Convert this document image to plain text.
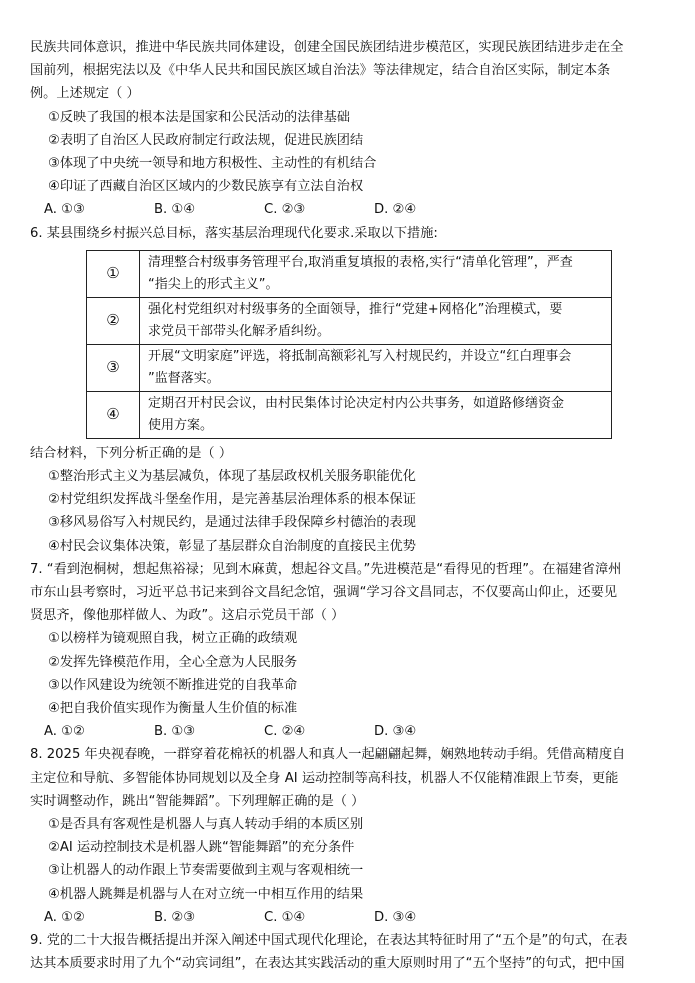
民族共同体意识，推进中华民族共同体建设，创建全国民族团结进步模范区，实现民族团结进步走在全
国前列，根据宪法以及《中华人民共和国民族区域自治法》等法律规定，结合自治区实际，制定本条
例。上述规定（ ）
①反映了我国的根本法是国家和公民活动的法律基础
②表明了自治区人民政府制定行政法规，促进民族团结
③体现了中央统一领导和地方积极性、主动性的有机结合
④印证了西藏自治区区域内的少数民族享有立法自治权
A. ①③	B. ①④	C. ②③	D. ②④
6. 某县围绕乡村振兴总目标，落实基层治理现代化要求.采取以下措施:
①	清理整合村级事务管理平台,取消重复填报的表格,实行“清单化管理”，严查
“指尖上的形式主义”。

②	强化村党组织对村级事务的全面领导，推行“党建+网格化”治理模式，要
求党员干部带头化解矛盾纠纷。

③	开展“文明家庭”评选，将抵制高额彩礼写入村规民约，并设立“红白理事会
”监督落实。

④	定期召开村民会议，由村民集体讨论决定村内公共事务，如道路修缮资金
使用方案。
结合材料，下列分析正确的是（ ）
①整治形式主义为基层减负，体现了基层政权机关服务职能优化
②村党组织发挥战斗堡垒作用，是完善基层治理体系的根本保证
③移风易俗写入村规民约，是通过法律手段保障乡村德治的表现
④村民会议集体决策，彰显了基层群众自治制度的直接民主优势
7. “看到泡桐树，想起焦裕禄；见到木麻黄，想起谷文昌。”先进模范是“看得见的哲理”。在福建省漳州
市东山县考察时，习近平总书记来到谷文昌纪念馆，强调“学习谷文昌同志，不仅要高山仰止，还要见
贤思齐，像他那样做人、为政”。这启示党员干部（ ）
①以榜样为镜观照自我，树立正确的政绩观
②发挥先锋模范作用，全心全意为人民服务
③以作风建设为统领不断推进党的自我革命
④把自我价值实现作为衡量人生价值的标准
A. ①②	B. ①③	C. ②④	D. ③④
8. 2025 年央视春晚，一群穿着花棉袄的机器人和真人一起翩翩起舞，娴熟地转动手绢。凭借高精度自
主定位和导航、多智能体协同规划以及全身 AI 运动控制等高科技，机器人不仅能精准跟上节奏，更能
实时调整动作，跳出“智能舞蹈”。下列理解正确的是（ ）
①是否具有客观性是机器人与真人转动手绢的本质区别
②AI 运动控制技术是机器人跳“智能舞蹈”的充分条件
③让机器人的动作跟上节奏需要做到主观与客观相统一
④机器人跳舞是机器与人在对立统一中相互作用的结果
A. ①②	B. ②③	C. ①④	D. ③④
9. 党的二十大报告概括提出并深入阐述中国式现代化理论，在表达其特征时用了“五个是”的句式，在表
达其本质要求时用了九个“动宾词组”，在表达其实践活动的重大原则时用了“五个坚持”的句式，把中国
